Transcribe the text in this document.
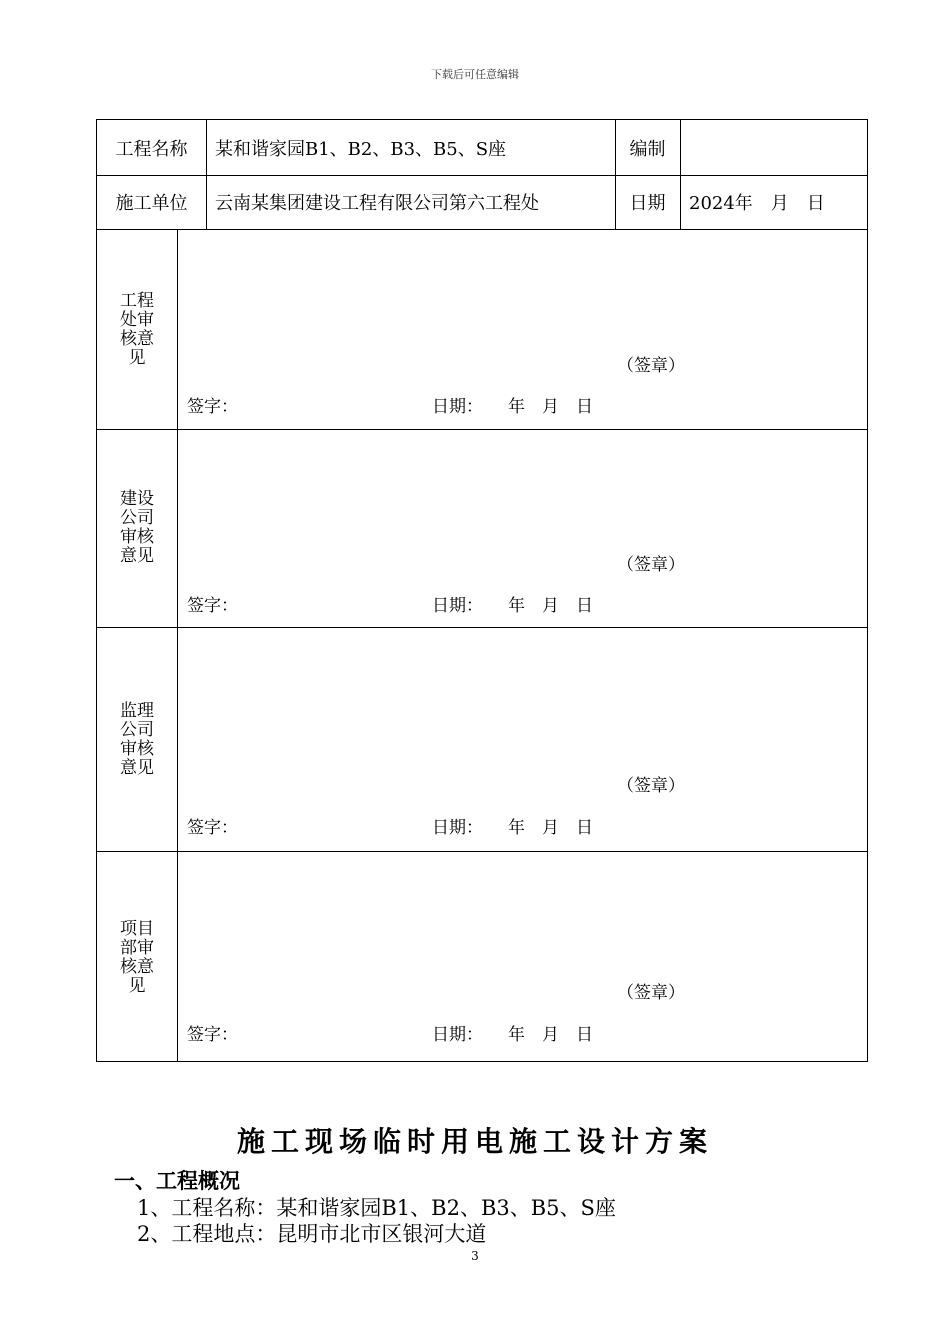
下载后可任意编辑
工程名称	某和谐家园B1、B2、B3、B5、S座	编制
施工单位	云南某集团建设工程有限公司第六工程处	日期	2024年　月　日
工程
处审
核意
见	（签章）
签字：	日期： 年　月　日
建设
公司
审核
意见	（签章）
签字：	日期： 年　月　日
监理
公司
审核
意见
（签章）
签字：	日期： 年　月　日
项目
部审
核意
见	（签章）
签字：	日期： 年　月　日
施工现场临时用电施工设计方案
一、工程概况
1、工程名称：某和谐家园B1、B2、B3、B5、S座
2、工程地点：昆明市北市区银河大道
3
